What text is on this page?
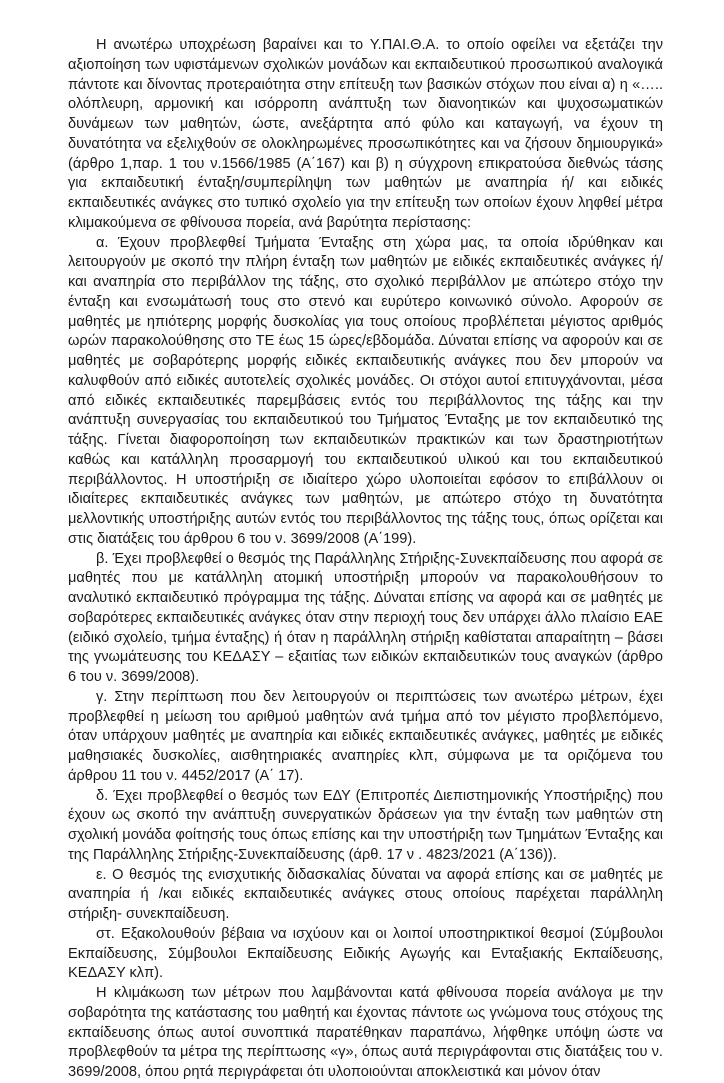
Η ανωτέρω υποχρέωση βαραίνει και το Υ.ΠΑΙ.Θ.Α. το οποίο οφείλει να εξετάζει την αξιοποίηση των υφιστάμενων σχολικών μονάδων και εκπαιδευτικού προσωπικού αναλογικά πάντοτε και δίνοντας προτεραιότητα στην επίτευξη των βασικών στόχων που είναι α) η «….. ολόπλευρη, αρμονική και ισόρροπη ανάπτυξη των διανοητικών και ψυχοσωματικών δυνάμεων των μαθητών, ώστε, ανεξάρτητα από φύλο και καταγωγή, να έχουν τη δυνατότητα να εξελιχθούν σε ολοκληρωμένες προσωπικότητες και να ζήσουν δημιουργικά» (άρθρο 1,παρ. 1 του ν.1566/1985 (Α΄167) και β) η σύγχρονη επικρατούσα διεθνώς τάσης για εκπαιδευτική ένταξη/συμπερίληψη των μαθητών με αναπηρία ή/ και ειδικές εκπαιδευτικές ανάγκες στο τυπικό σχολείο για την επίτευξη των οποίων έχουν ληφθεί μέτρα κλιμακούμενα σε φθίνουσα πορεία, ανά βαρύτητα περίστασης:

α. Έχουν προβλεφθεί Τμήματα Ένταξης στη χώρα μας, τα οποία ιδρύθηκαν και λειτουργούν με σκοπό την πλήρη ένταξη των μαθητών με ειδικές εκπαιδευτικές ανάγκες ή/και αναπηρία στο περιβάλλον της τάξης, στο σχολικό περιβάλλον με απώτερο στόχο την ένταξη και ενσωμάτωσή τους στο στενό και ευρύτερο κοινωνικό σύνολο. Αφορούν σε μαθητές με ηπιότερης μορφής δυσκολίας για τους οποίους προβλέπεται μέγιστος αριθμός ωρών παρακολούθησης στο ΤΕ έως 15 ώρες/εβδομάδα. Δύναται επίσης να αφορούν και σε μαθητές με σοβαρότερης μορφής ειδικές εκπαιδευτικής ανάγκες που δεν μπορούν να καλυφθούν από ειδικές αυτοτελείς σχολικές μονάδες. Οι στόχοι αυτοί επιτυγχάνονται, μέσα από ειδικές εκπαιδευτικές παρεμβάσεις εντός του περιβάλλοντος της τάξης και την ανάπτυξη συνεργασίας του εκπαιδευτικού του Τμήματος Ένταξης με τον εκπαιδευτικό της τάξης. Γίνεται διαφοροποίηση των εκπαιδευτικών πρακτικών και των δραστηριοτήτων καθώς και κατάλληλη προσαρμογή του εκπαιδευτικού υλικού και του εκπαιδευτικού περιβάλλοντος. Η υποστήριξη σε ιδιαίτερο χώρο υλοποιείται εφόσον το επιβάλλουν οι ιδιαίτερες εκπαιδευτικές ανάγκες των μαθητών, με απώτερο στόχο τη δυνατότητα μελλοντικής υποστήριξης αυτών εντός του περιβάλλοντος της τάξης τους, όπως ορίζεται και στις διατάξεις του άρθρου 6 του ν. 3699/2008 (Α΄199).

β. Έχει προβλεφθεί ο θεσμός της Παράλληλης Στήριξης-Συνεκπαίδευσης που αφορά σε μαθητές που με κατάλληλη ατομική υποστήριξη μπορούν να παρακολουθήσουν το αναλυτικό εκπαιδευτικό πρόγραμμα της τάξης. Δύναται επίσης να αφορά και σε μαθητές με σοβαρότερες εκπαιδευτικές ανάγκες όταν στην περιοχή τους δεν υπάρχει άλλο πλαίσιο ΕΑΕ (ειδικό σχολείο, τμήμα ένταξης) ή όταν η παράλληλη στήριξη καθίσταται απαραίτητη – βάσει της γνωμάτευσης του ΚΕΔΑΣΥ – εξαιτίας των ειδικών εκπαιδευτικών τους αναγκών (άρθρο 6 του ν. 3699/2008).

γ. Στην περίπτωση που δεν λειτουργούν οι περιπτώσεις των ανωτέρω μέτρων, έχει προβλεφθεί η μείωση του αριθμού μαθητών ανά τμήμα από τον μέγιστο προβλεπόμενο, όταν υπάρχουν μαθητές με αναπηρία και ειδικές εκπαιδευτικές ανάγκες, μαθητές με ειδικές μαθησιακές δυσκολίες, αισθητηριακές αναπηρίες κλπ, σύμφωνα με τα οριζόμενα του άρθρου 11 του ν. 4452/2017 (Α΄ 17).

δ. Έχει προβλεφθεί ο θεσμός των ΕΔΥ (Επιτροπές Διεπιστημονικής Υποστήριξης) που έχουν ως σκοπό την ανάπτυξη συνεργατικών δράσεων για την ένταξη των μαθητών στη σχολική μονάδα φοίτησής τους όπως επίσης και την υποστήριξη των Τμημάτων Ένταξης και της Παράλληλης Στήριξης-Συνεκπαίδευσης (άρθ. 17 ν . 4823/2021 (Α΄136)).

ε. Ο θεσμός της ενισχυτικής διδασκαλίας δύναται να αφορά επίσης και σε μαθητές με αναπηρία ή /και ειδικές εκπαιδευτικές ανάγκες στους οποίους παρέχεται παράλληλη στήριξη- συνεκπαίδευση.

στ. Εξακολουθούν βέβαια να ισχύουν και οι λοιποί υποστηρικτικοί θεσμοί (Σύμβουλοι Εκπαίδευσης, Σύμβουλοι Εκπαίδευσης Ειδικής Αγωγής και Ενταξιακής Εκπαίδευσης, ΚΕΔΑΣΥ κλπ).

Η κλιμάκωση των μέτρων που λαμβάνονται κατά φθίνουσα πορεία ανάλογα με την σοβαρότητα της κατάστασης του μαθητή και έχοντας πάντοτε ως γνώμονα τους στόχους της εκπαίδευσης όπως αυτοί συνοπτικά παρατέθηκαν παραπάνω, λήφθηκε υπόψη ώστε να προβλεφθούν τα μέτρα της περίπτωσης «γ», όπως αυτά περιγράφονται στις διατάξεις του ν. 3699/2008, όπου ρητά περιγράφεται ότι υλοποιούνται αποκλειστικά και μόνον όταν
